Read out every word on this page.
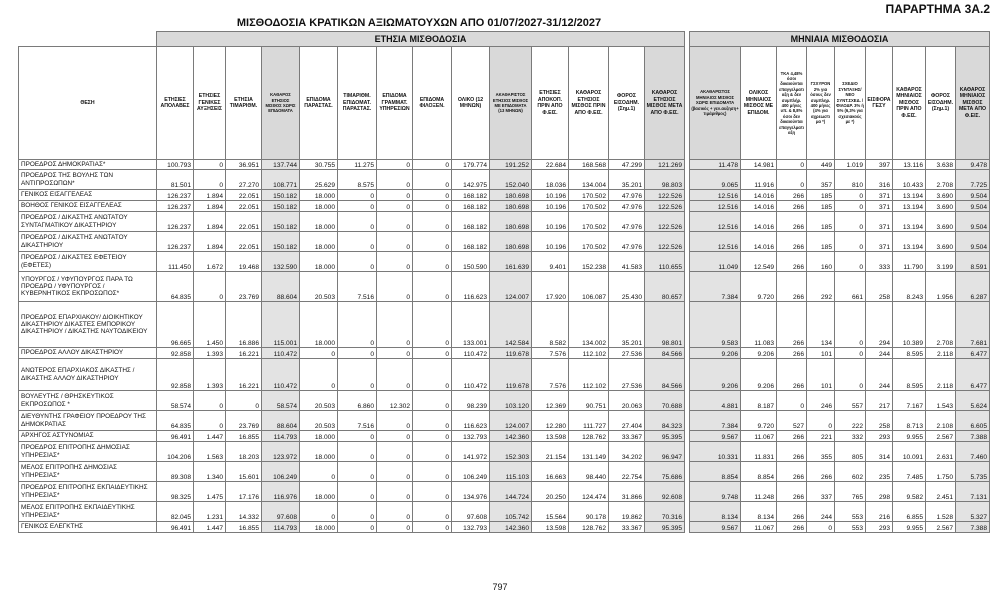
ΠΑΡΑΡΤΗΜΑ 3Α.2
ΜΙΣΘΟΔΟΣΙΑ ΚΡΑΤΙΚΩΝ ΑΞΙΩΜΑΤΟΥΧΩΝ ΑΠΟ 01/07/2027-31/12/2027
	ΕΤΗΣΙΑ ΜΙΣΘΟΔΟΣΙΑ															ΜΗΝΙΑΙΑ ΜΙΣΘΟΔΟΣΙΑ								
ΘΕΣΗ	ΕΤΗΣΙΕΣ ΑΠΟΛΑΒΕΣ	ΕΤΗΣΙΕΣ ΓΕΝΙΚΕΣ ΑΥΞΗΣΕΙΣ	ΕΤΗΣΙΑ ΤΙΜΑΡΙΘΜ.	ΚΑΘΑΡΟΣ ΕΤΗΣΙΟΣ ΜΙΣΘΟΣ ΧΩΡΙΣ ΕΠΙΔΟΜΑΤΑ	ΕΠΙΔΟΜΑ ΠΑΡΑΣΤΑΣ.	ΤΙΜΑΡΙΘΜ. ΕΠΙΔΟΜΑΤ. ΠΑΡΑΣΤΑΣ.	ΕΠΙΔΟΜΑ ΓΡΑΜΜΑΤ. ΥΠΗΡΕΣΙΩΝ	ΕΠΙΔΟΜΑ ΦΙΛΟΞΕΝ.	ΟΛΙΚΟ (12 ΜΗΝΩΝ)	ΑΚΑΘΑΡΙΣΤΟΣ ΕΤΗΣΙΟΣ ΜΙΣΘΟΣ ΜΕ ΕΠΙΔΟΜΑΤΑ (13 ΜΗΝΩΝ)	ΕΤΗΣΙΕΣ ΑΠΟΚΟΠ. ΠΡΙΝ ΑΠΟ Φ.ΕΙΣ.	ΚΑΘΑΡΟΣ ΕΤΗΣΙΟΣ ΜΙΣΘΟΣ ΠΡΙΝ ΑΠΟ Φ.ΕΙΣ.	ΦΟΡΟΣ ΕΙΣΟΔΗΜ. (Σημ.1)	ΚΑΘΑΡΟΣ ΕΤΗΣΙΟΣ ΜΙΣΘΟΣ ΜΕΤΑ ΑΠΟ Φ.ΕΙΣ.		ΑΚΑΘΑΡΙΣΤΟΣ ΜΗΝΙΑΙΟΣ ΜΙΣΘΟΣ ΧΩΡΙΣ ΕΠΙΔΟΜΑΤΑ (βασικός + γεν.αυξηση+ τιμάριθμος)	ΟΛΙΚΟΣ ΜΗΝΙΑΙΟΣ ΜΙΣΘΟΣ ΜΕ ΕΠΙΔΟΜ.	ΤΚΑ 4,48% όσοι δικαιούνται επαγγελματι αξη & δεν συμπλήρ. 400 μήνες υπ. & 8,8% όσοι δεν δικαιούνται επαγγελματι αξη	ΓΣΧΥΡΟΝ 2% για όσους δεν συμπληρ. 400 μήνες (4% για αχρεωστι μα *)	ΣΧΕΔΙΟ ΣΥΝΤΑΞΗΣ/ ΝΕΟ ΣΥΝΤ.ΣΧΕΔ. /ΦΙΛΟΔΡ. 3% ή 5% (6,3% για σχεσιακούς με *)	ΕΙΣΦΟΡΑ ΓΕΣΥ	ΚΑΘΑΡΟΣ ΜΗΝΙΑΙΟΣ ΜΙΣΘΟΣ ΠΡΙΝ ΑΠΟ Φ.ΕΙΣ.	ΦΟΡΟΣ ΕΙΣΟΔΗΜ. (Σημ.1)	ΚΑΘΑΡΟΣ ΜΗΝΙΑΙΟΣ ΜΙΣΘΟΣ ΜΕΤΑ ΑΠΟ Φ.ΕΙΣ.
ΠΡΟΕΔΡΟΣ ΔΗΜΟΚΡΑΤΙΑΣ*	100.793	0	36.951	137.744	30.755	11.275	0	0	179.774	191.252	22.684	168.568	47.299	121.269		11.478	14.981	0	449	1.019	397	13.116	3.638	9.478
ΠΡΟΕΔΡΟΣ ΤΗΣ ΒΟΥΛΗΣ ΤΩΝ ΑΝΤΙΠΡΟΣΩΠΩΝ*	81.501	0	27.270	108.771	25.629	8.575	0	0	142.975	152.040	18.036	134.004	35.201	98.803		9.065	11.916	0	357	810	316	10.433	2.708	7.725
ΓΕΝΙΚΟΣ ΕΙΣΑΓΓΕΛΕΑΣ	126.237	1.894	22.051	150.182	18.000	0	0	0	168.182	180.698	10.196	170.502	47.976	122.526		12.516	14.016	266	185	0	371	13.194	3.690	9.504
ΒΟΗΘΟΣ ΓΕΝΙΚΟΣ ΕΙΣΑΓΓΕΛΕΑΣ	126.237	1.894	22.051	150.182	18.000	0	0	0	168.182	180.698	10.196	170.502	47.976	122.526		12.516	14.016	266	185	0	371	13.194	3.690	9.504
ΠΡΟΕΔΡΟΣ / ΔΙΚΑΣΤΗΣ ΑΝΩΤΑΤΟΥ ΣΥΝΤΑΓΜΑΤΙΚΟΥ ΔΙΚΑΣΤΗΡΙΟΥ	126.237	1.894	22.051	150.182	18.000	0	0	0	168.182	180.698	10.196	170.502	47.976	122.526		12.516	14.016	266	185	0	371	13.194	3.690	9.504
ΠΡΟΕΔΡΟΣ / ΔΙΚΑΣΤΗΣ ΑΝΩΤΑΤΟΥ ΔΙΚΑΣΤΗΡΙΟΥ	126.237	1.894	22.051	150.182	18.000	0	0	0	168.182	180.698	10.196	170.502	47.976	122.526		12.516	14.016	266	185	0	371	13.194	3.690	9.504
ΠΡΟΕΔΡΟΣ / ΔΙΚΑΣΤΕΣ ΕΦΕΤΕΙΟΥ (ΕΦΕΤΕΣ)	111.450	1.672	19.468	132.590	18.000	0	0	0	150.590	161.639	9.401	152.238	41.583	110.655		11.049	12.549	266	160	0	333	11.790	3.199	8.591
ΥΠΟΥΡΓΟΣ / ΥΦΥΠΟΥΡΓΟΣ ΠΑΡΑ ΤΩ ΠΡΟΕΔΡΩ / ΥΦΥΠΟΥΡΓΟΣ / ΚΥΒΕΡΝΗΤΙΚΟΣ ΕΚΠΡΟΣΩΠΟΣ*	64.835	0	23.769	88.604	20.503	7.516	0	0	116.623	124.007	17.920	106.087	25.430	80.657		7.384	9.720	266	292	661	258	8.243	1.956	6.287
ΠΡΟΕΔΡΟΣ ΕΠΑΡΧΙΑΚΟΥ/ ΔΙΟΙΚΗΤΙΚΟΥ ΔΙΚΑΣΤΗΡΙΟΥ ΔΙΚΑΣΤΕΣ ΕΜΠΟΡΙΚΟΥ ΔΙΚΑΣΤΗΡΙΟΥ / ΔΙΚΑΣΤΗΣ ΝΑΥΤΟΔΙΚΕΙΟΥ	96.665	1.450	16.886	115.001	18.000	0	0	0	133.001	142.584	8.582	134.002	35.201	98.801		9.583	11.083	266	134	0	294	10.389	2.708	7.681
ΠΡΟΕΔΡΟΣ ΑΛΛΟΥ ΔΙΚΑΣΤΗΡΙΟΥ	92.858	1.393	16.221	110.472	0	0	0	0	110.472	119.678	7.576	112.102	27.536	84.566		9.206	9.206	266	101	0	244	8.595	2.118	6.477
ΑΝΩΤΕΡΟΣ ΕΠΑΡΧΙΑΚΟΣ ΔΙΚΑΣΤΗΣ / ΔΙΚΑΣΤΗΣ ΑΛΛΟΥ ΔΙΚΑΣΤΗΡΙΟΥ	92.858	1.393	16.221	110.472	0	0	0	0	110.472	119.678	7.576	112.102	27.536	84.566		9.206	9.206	266	101	0	244	8.595	2.118	6.477
ΒΟΥΛΕΥΤΗΣ / ΘΡΗΣΚΕΥΤΙΚΟΣ ΕΚΠΡΟΣΩΠΟΣ *	58.574	0	0	58.574	20.503	6.860	12.302	0	98.239	103.120	12.369	90.751	20.063	70.688		4.881	8.187	0	246	557	217	7.167	1.543	5.624
ΔΙΕΥΘΥΝΤΗΣ ΓΡΑΦΕΙΟΥ ΠΡΟΕΔΡΟΥ ΤΗΣ ΔΗΜΟΚΡΑΤΙΑΣ	64.835	0	23.769	88.604	20.503	7.516	0	0	116.623	124.007	12.280	111.727	27.404	84.323		7.384	9.720	527	0	222	258	8.713	2.108	6.605
ΑΡΧΗΓΟΣ ΑΣΤΥΝΟΜΙΑΣ	96.491	1.447	16.855	114.793	18.000	0	0	0	132.793	142.360	13.598	128.762	33.367	95.395		9.567	11.067	266	221	332	293	9.955	2.567	7.388
ΠΡΟΕΔΡΟΣ ΕΠΙΤΡΟΠΗΣ ΔΗΜΟΣΙΑΣ ΥΠΗΡΕΣΙΑΣ*	104.206	1.563	18.203	123.972	18.000	0	0	0	141.972	152.303	21.154	131.149	34.202	96.947		10.331	11.831	266	355	805	314	10.091	2.631	7.460
ΜΕΛΟΣ ΕΠΙΤΡΟΠΗΣ ΔΗΜΟΣΙΑΣ ΥΠΗΡΕΣΙΑΣ*	89.308	1.340	15.601	106.249	0	0	0	0	106.249	115.103	16.663	98.440	22.754	75.686		8.854	8.854	266	266	602	235	7.485	1.750	5.735
ΠΡΟΕΔΡΟΣ ΕΠΙΤΡΟΠΗΣ ΕΚΠΑΙΔΕΥΤΙΚΗΣ ΥΠΗΡΕΣΙΑΣ*	98.325	1.475	17.176	116.976	18.000	0	0	0	134.976	144.724	20.250	124.474	31.866	92.608		9.748	11.248	266	337	765	298	9.582	2.451	7.131
ΜΕΛΟΣ ΕΠΙΤΡΟΠΗΣ ΕΚΠΑΙΔΕΥΤΙΚΗΣ ΥΠΗΡΕΣΙΑΣ*	82.045	1.231	14.332	97.608	0	0	0	0	97.608	105.742	15.564	90.178	19.862	70.316		8.134	8.134	266	244	553	216	6.855	1.528	5.327
ΓΕΝΙΚΟΣ ΕΛΕΓΚΤΗΣ	96.491	1.447	16.855	114.793	18.000	0	0	0	132.793	142.360	13.598	128.762	33.367	95.395		9.567	11.067	266	0	553	293	9.955	2.567	7.388
797
